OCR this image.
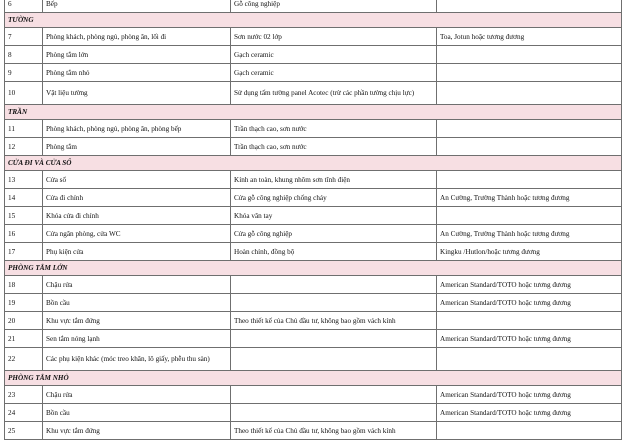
6	Bếp	Gỗ công nghiệp	
TƯỜNG			
7	Phòng khách, phòng ngủ, phòng ăn, lối đi	Sơn nước 02 lớp	Toa, Jotun hoặc tương đương
8	Phòng tắm lớn	Gạch ceramic	
9	Phòng tắm nhỏ	Gạch ceramic	
10	Vật liệu tường	Sử dụng tấm tường panel Acotec (trừ các phần tường chịu lực)	
TRẦN			
11	Phòng khách, phòng ngủ, phòng ăn, phòng bếp	Trần thạch cao, sơn nước	
12	Phòng tắm	Trần thạch cao, sơn nước	
CỬA ĐI VÀ CỬA SỔ			
13	Cửa sổ	Kính an toàn, khung nhôm sơn tĩnh điện	
14	Cửa đi chính	Cửa gỗ công nghiệp chống cháy	An Cường, Trường Thành hoặc tương đương
15	Khóa cửa đi chính	Khóa vân tay	
16	Cửa ngăn phòng, cửa WC	Cửa gỗ công nghiệp	An Cường, Trường Thành hoặc tương đương
17	Phụ kiện cửa	Hoàn chỉnh, đồng bộ	Kingku /Hutlon/hoặc tương đương
PHÒNG TẮM LỚN			
18	Chậu rửa		American Standard/TOTO hoặc tương đương
19	Bồn cầu		American Standard/TOTO hoặc tương đương
20	Khu vực tắm đứng	Theo thiết kế của Chủ đầu tư, không bao gồm vách kính	
21	Sen tắm nóng lạnh		American Standard/TOTO hoặc tương đương
22	Các phụ kiện khác (móc treo khăn, lô giấy, phễu thu sàn)		
PHÒNG TẮM NHỎ			
23	Chậu rửa		American Standard/TOTO hoặc tương đương
24	Bồn cầu		American Standard/TOTO hoặc tương đương
25	Khu vực tắm đứng	Theo thiết kế của Chủ đầu tư, không bao gồm vách kính	
